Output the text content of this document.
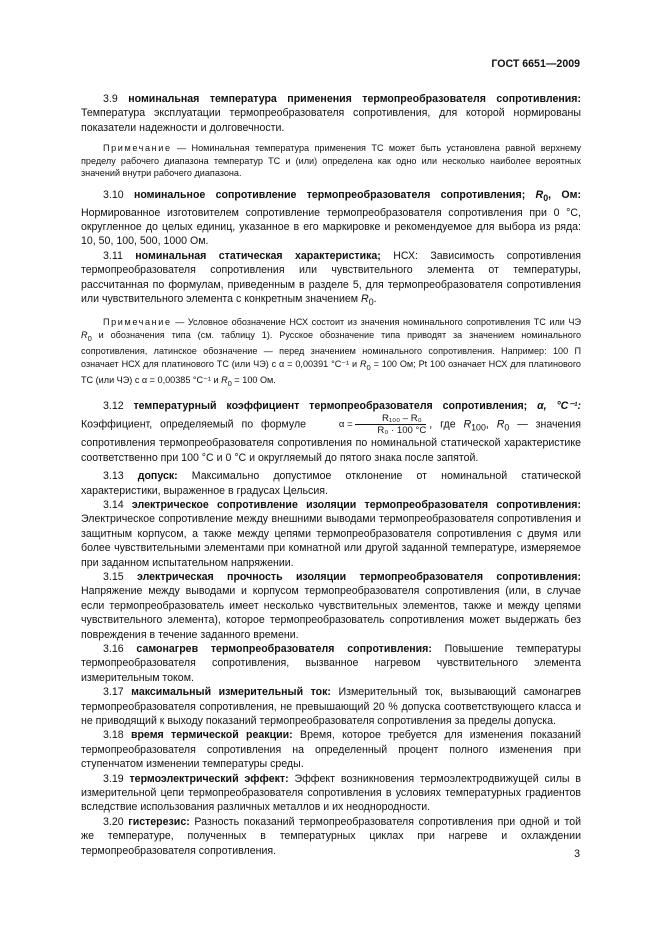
ГОСТ 6651—2009

3.9 номинальная температура применения термопреобразователя сопротивления: Температура эксплуатации термопреобразователя сопротивления, для которой нормированы показатели надежности и долговечности.

Примечание — Номинальная температура применения ТС может быть установлена равной верхнему пределу рабочего диапазона температур ТС и (или) определена как одно или несколько наиболее вероятных значений внутри рабочего диапазона.

3.10 номинальное сопротивление термопреобразователя сопротивления; $R_0$, Ом: Нормированное изготовителем сопротивление термопреобразователя сопротивления при 0 °С, округленное до целых единиц, указанное в его маркировке и рекомендуемое для выбора из ряда: 10, 50, 100, 500, 1000 Ом.

3.11 номинальная статическая характеристика; НСХ: Зависимость сопротивления термопреобразователя сопротивления или чувствительного элемента от температуры, рассчитанная по формулам, приведенным в разделе 5, для термопреобразователя сопротивления или чувствительного элемента с конкретным значением $R_0$.

Примечание — Условное обозначение НСХ состоит из значения номинального сопротивления ТС или ЧЭ $R_0$ и обозначения типа (см. таблицу 1). Русское обозначение типа приводят за значением номинального сопротивления, латинское обозначение — перед значением номинального сопротивления. Например: 100 П означает НСХ для платинового ТС (или ЧЭ) с α = 0,00391 °С⁻¹ и $R_0 = 100$ Ом; Pt 100 означает НСХ для платинового ТС (или ЧЭ) с α = 0,00385 °С⁻¹ и $R_0 = 100$ Ом.

3.12 температурный коэффициент термопреобразователя сопротивления; α, °С⁻¹: Коэффициент, определяемый по формуле	$\alpha = \frac{\text{R₁₀₀ – R₀}}{\text{R₀ · 100 °С}}$ , где $R_{100}$, $R_0$ — значения сопротивления термопреобразователя сопротивления по номинальной статической характеристике соответственно при 100 °С и 0 °С и округляемый до пятого знака после запятой.

3.13 допуск: Максимально допустимое отклонение от номинальной статической характеристики, выраженное в градусах Цельсия.

3.14 электрическое сопротивление изоляции термопреобразователя сопротивления: Электрическое сопротивление между внешними выводами термопреобразователя сопротивления и защитным корпусом, а также между цепями термопреобразователя сопротивления с двумя или более чувствительными элементами при комнатной или другой заданной температуре, измеряемое при заданном испытательном напряжении.

3.15 электрическая прочность изоляции термопреобразователя сопротивления: Напряжение между выводами и корпусом термопреобразователя сопротивления (или, в случае если термопреобразователь имеет несколько чувствительных элементов, также и между цепями чувствительного элемента), которое термопреобразователь сопротивления может выдержать без повреждения в течение заданного времени.

3.16 самонагрев термопреобразователя сопротивления: Повышение температуры термопреобразователя сопротивления, вызванное нагревом чувствительного элемента измерительным током.

3.17 максимальный измерительный ток: Измерительный ток, вызывающий самонагрев термопреобразователя сопротивления, не превышающий 20 % допуска соответствующего класса и не приводящий к выходу показаний термопреобразователя сопротивления за пределы допуска.

3.18 время термической реакции: Время, которое требуется для изменения показаний термопреобразователя сопротивления на определенный процент полного изменения при ступенчатом изменении температуры среды.

3.19 термоэлектрический эффект: Эффект возникновения термоэлектродвижущей силы в измерительной цепи термопреобразователя сопротивления в условиях температурных градиентов вследствие использования различных металлов и их неоднородности.

3.20 гистерезис: Разность показаний термопреобразователя сопротивления при одной и той же температуре, полученных в температурных циклах при нагреве и охлаждении термопреобразователя сопротивления.	3
